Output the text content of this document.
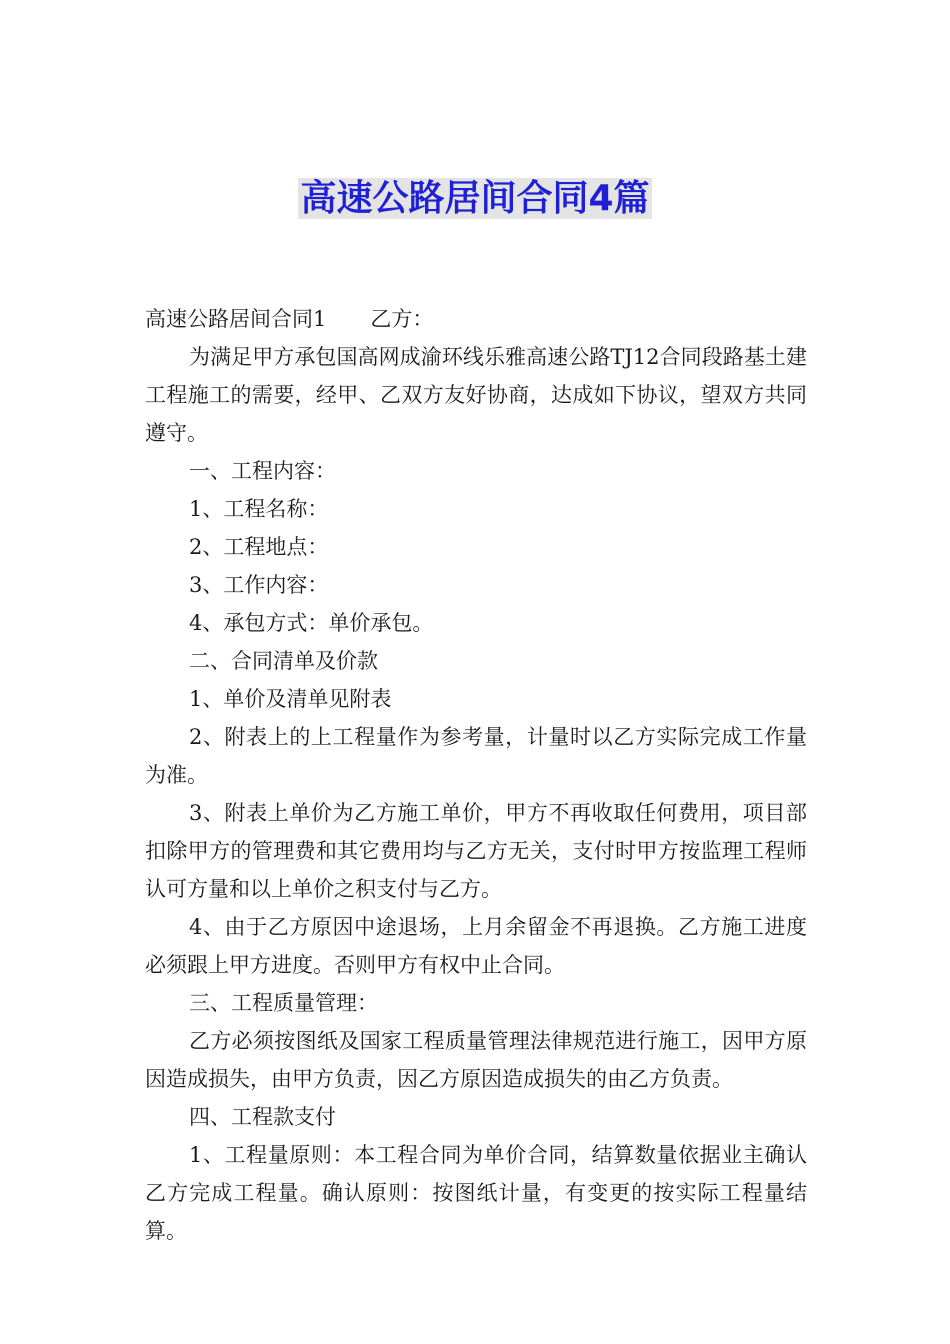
高速公路居间合同4篇

高速公路居间合同1 乙方：

为满足甲方承包国高网成渝环线乐雅高速公路TJ12合同段路基土建工程施工的需要，经甲、乙双方友好协商，达成如下协议，望双方共同遵守。

一、工程内容：

1、工程名称：

2、工程地点：

3、工作内容：

4、承包方式：单价承包。

二、合同清单及价款

1、单价及清单见附表

2、附表上的上工程量作为参考量，计量时以乙方实际完成工作量为准。

3、附表上单价为乙方施工单价，甲方不再收取任何费用，项目部扣除甲方的管理费和其它费用均与乙方无关，支付时甲方按监理工程师认可方量和以上单价之积支付与乙方。

4、由于乙方原因中途退场，上月余留金不再退换。乙方施工进度必须跟上甲方进度。否则甲方有权中止合同。

三、工程质量管理：

乙方必须按图纸及国家工程质量管理法律规范进行施工，因甲方原因造成损失，由甲方负责，因乙方原因造成损失的由乙方负责。

四、工程款支付

1、工程量原则：本工程合同为单价合同，结算数量依据业主确认乙方完成工程量。确认原则：按图纸计量，有变更的按实际工程量结算。
